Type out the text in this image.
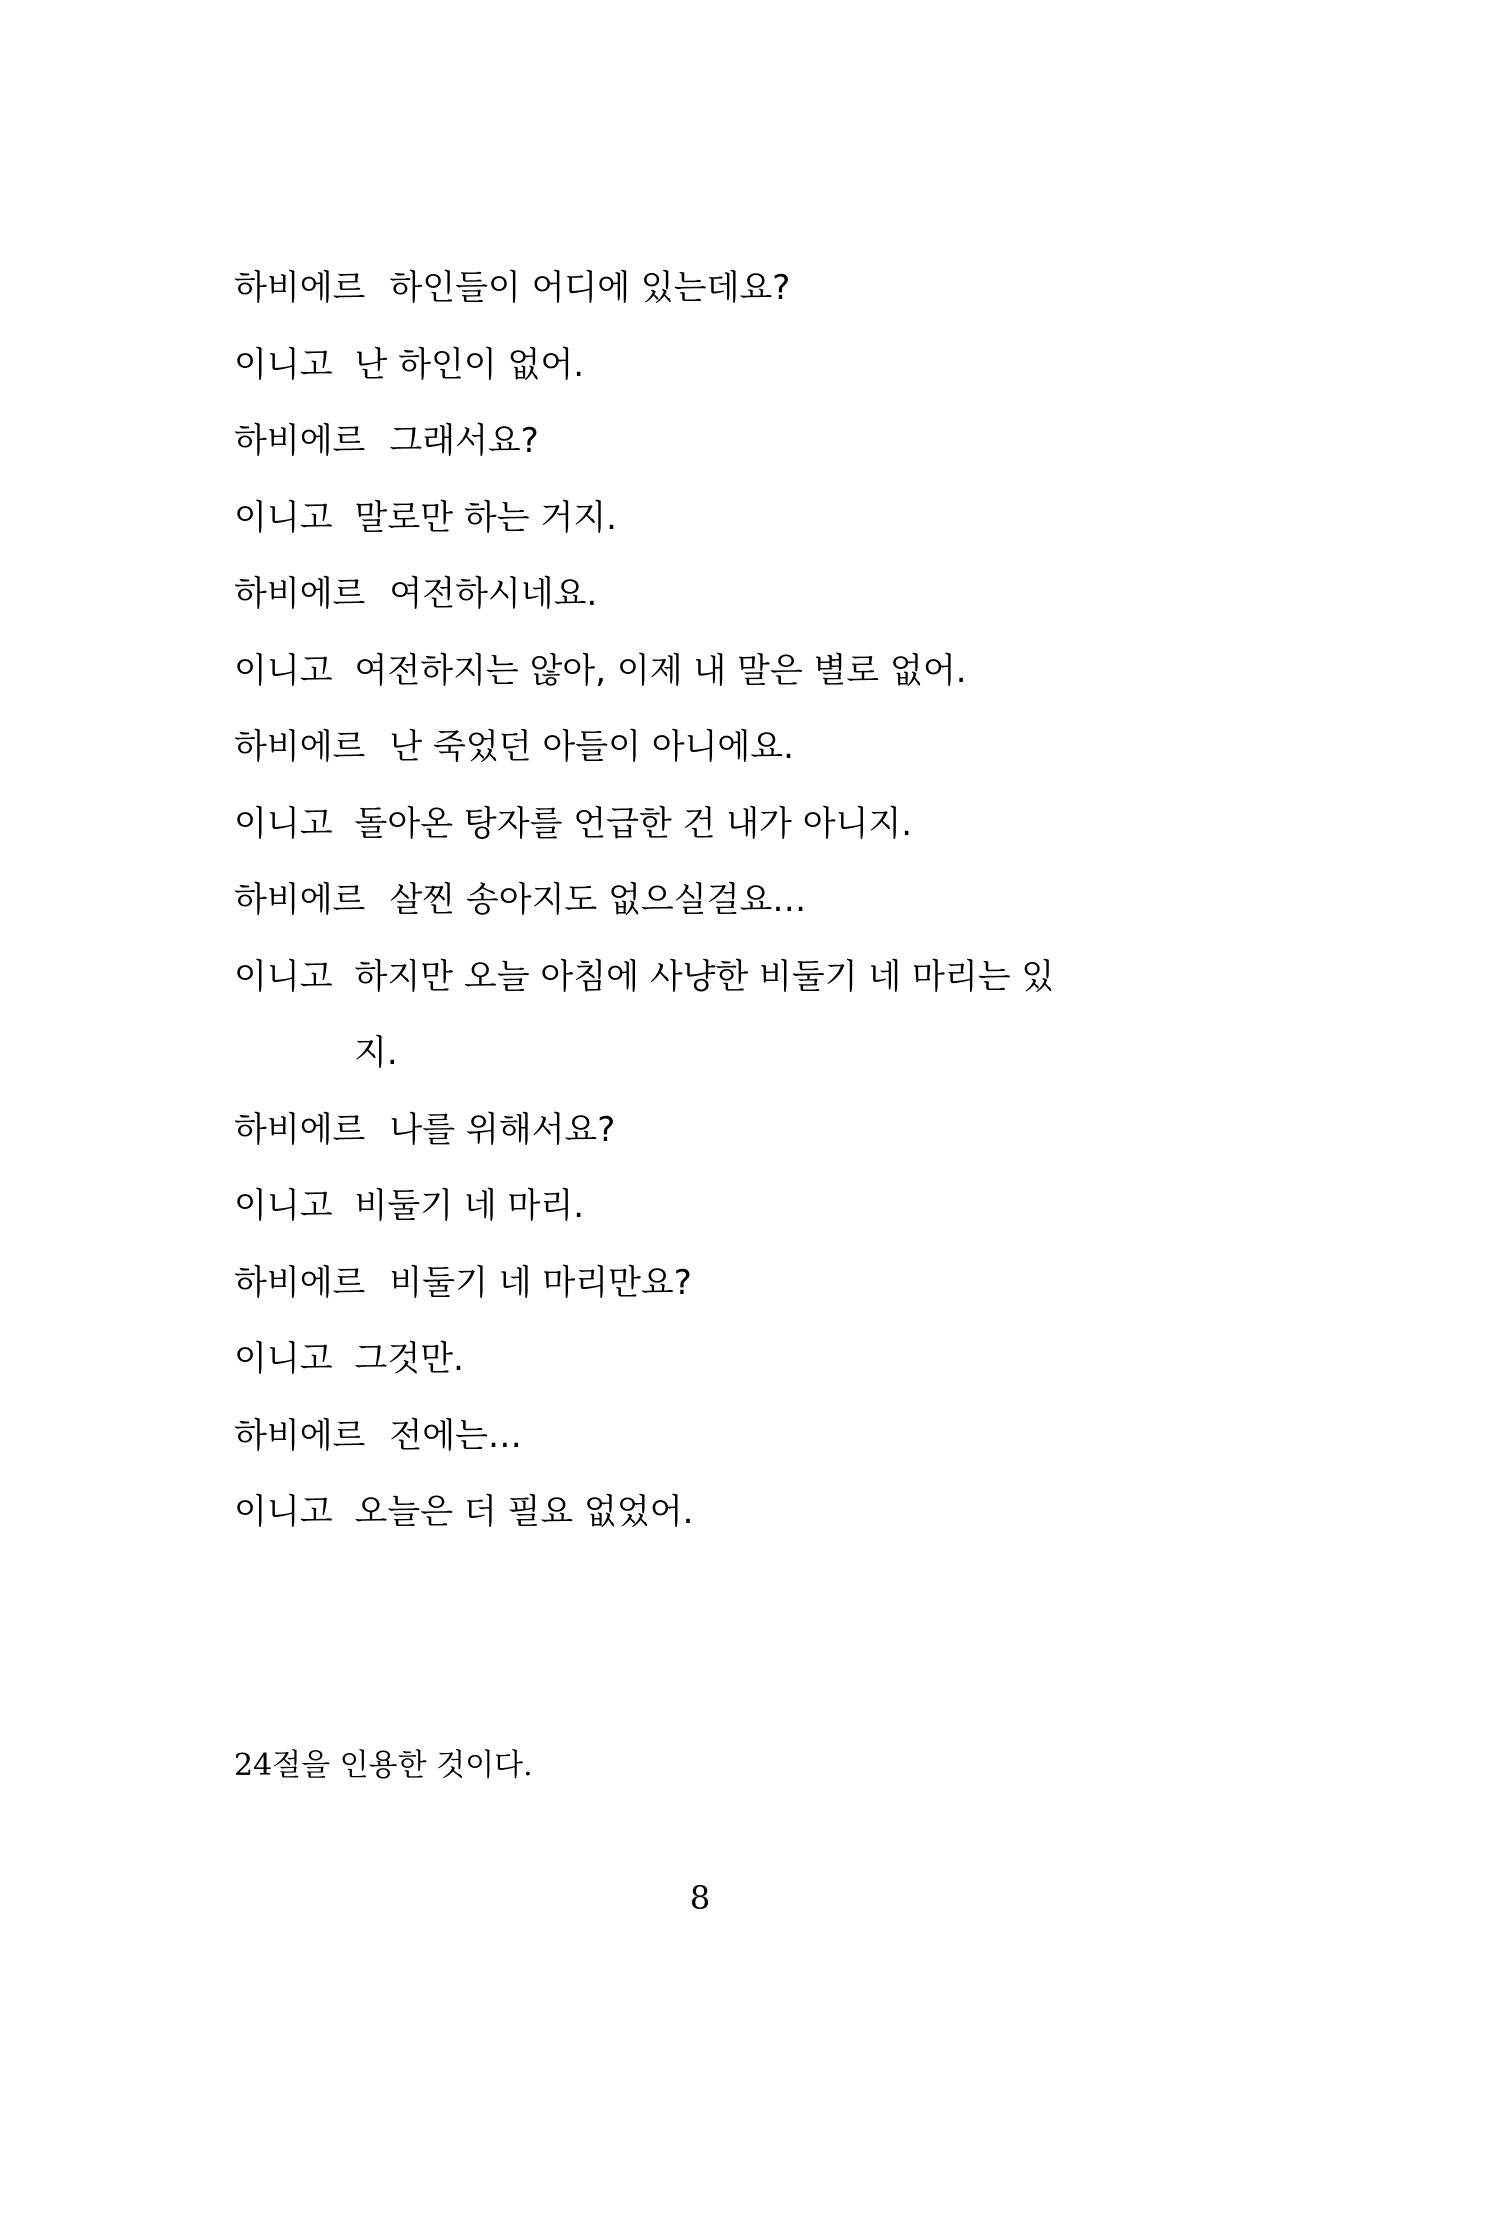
하비에르 하인들이 어디에 있는데요?
이니고 난 하인이 없어.
하비에르 그래서요?
이니고 말로만 하는 거지.
하비에르 여전하시네요.
이니고 여전하지는 않아, 이제 내 말은 별로 없어.
하비에르 난 죽었던 아들이 아니에요.
이니고 돌아온 탕자를 언급한 건 내가 아니지.
하비에르 살찐 송아지도 없으실걸요…
이니고 하지만 오늘 아침에 사냥한 비둘기 네 마리는 있
지.
하비에르 나를 위해서요?
이니고 비둘기 네 마리.
하비에르 비둘기 네 마리만요?
이니고 그것만.
하비에르 전에는…
이니고 오늘은 더 필요 없었어.
24절을 인용한 것이다.
8
